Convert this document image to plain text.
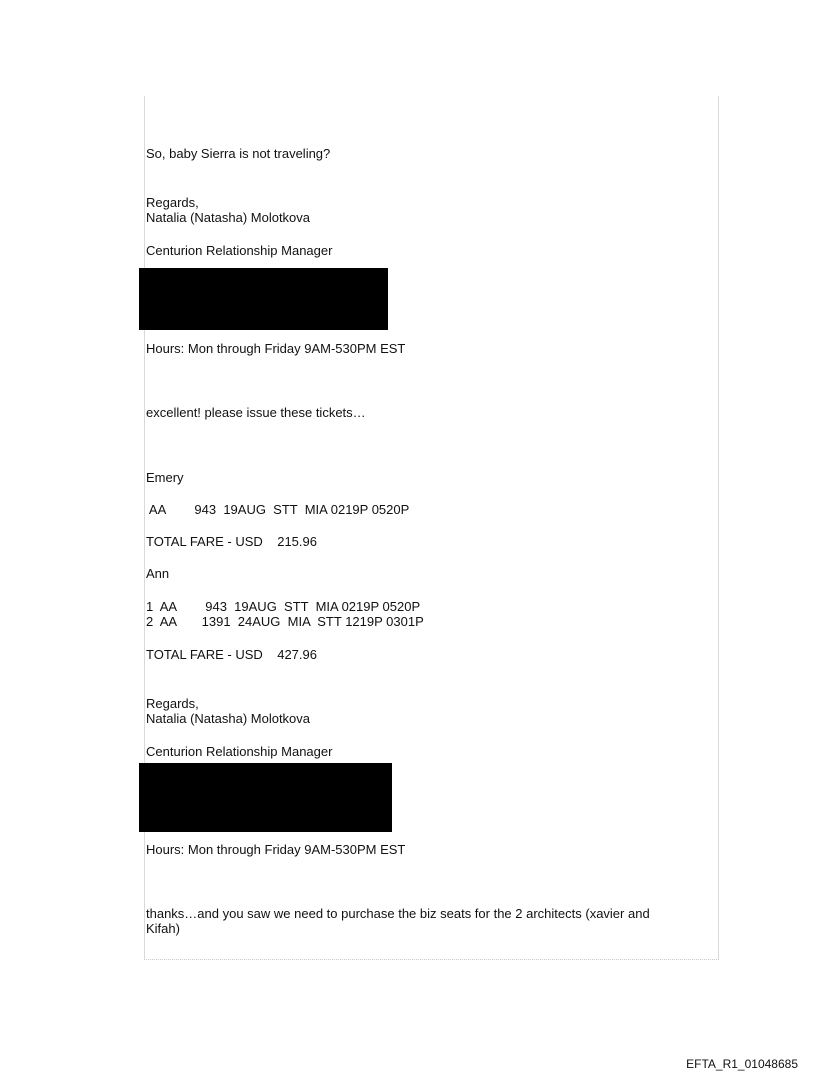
So, baby Sierra is not traveling?
Regards,
Natalia (Natasha) Molotkova
Centurion Relationship Manager
Hours: Mon through Friday 9AM-530PM EST
excellent! please issue these tickets…
Emery
AA        943  19AUG  STT  MIA 0219P 0520P
TOTAL FARE - USD    215.96
Ann
1  AA        943  19AUG  STT  MIA 0219P 0520P
2  AA       1391  24AUG  MIA  STT 1219P 0301P
TOTAL FARE - USD    427.96
Regards,
Natalia (Natasha) Molotkova
Centurion Relationship Manager
Hours: Mon through Friday 9AM-530PM EST
thanks…and you saw we need to purchase the biz seats for the 2 architects (xavier and
Kifah)
EFTA_R1_01048685
